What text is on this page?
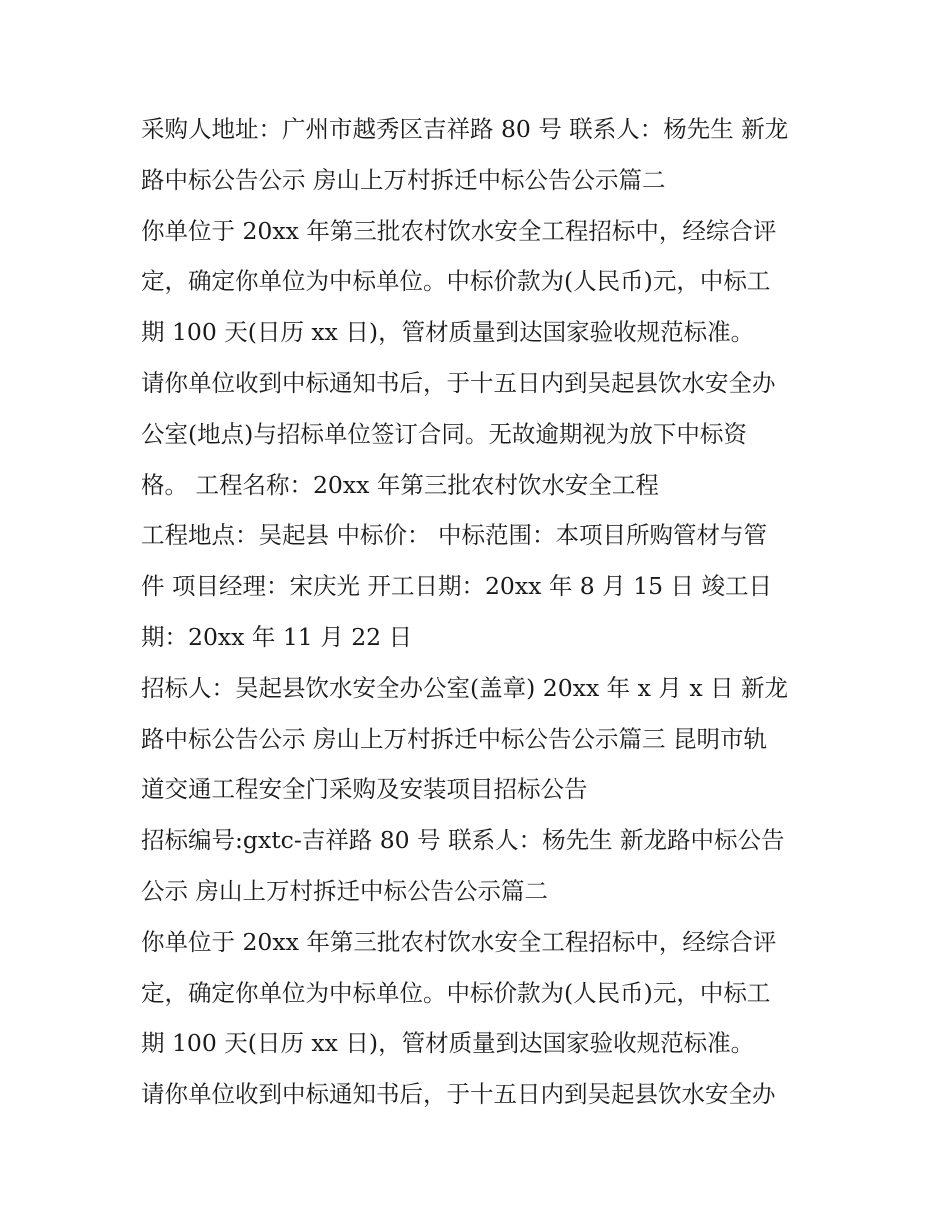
采购人地址：广州市越秀区吉祥路 80 号 联系人：杨先生 新龙
路中标公告公示 房山上万村拆迁中标公告公示篇二
你单位于 20xx 年第三批农村饮水安全工程招标中，经综合评
定，确定你单位为中标单位。中标价款为(人民币)元，中标工
期 100 天(日历 xx 日)，管材质量到达国家验收规范标准。
请你单位收到中标通知书后，于十五日内到吴起县饮水安全办
公室(地点)与招标单位签订合同。无故逾期视为放下中标资
格。 工程名称：20xx 年第三批农村饮水安全工程
工程地点：吴起县 中标价： 中标范围：本项目所购管材与管
件 项目经理：宋庆光 开工日期：20xx 年 8 月 15 日 竣工日
期：20xx 年 11 月 22 日
招标人：吴起县饮水安全办公室(盖章) 20xx 年 x 月 x 日 新龙
路中标公告公示 房山上万村拆迁中标公告公示篇三 昆明市轨
道交通工程安全门采购及安装项目招标公告
招标编号:gxtc-吉祥路 80 号 联系人：杨先生 新龙路中标公告
公示 房山上万村拆迁中标公告公示篇二
你单位于 20xx 年第三批农村饮水安全工程招标中，经综合评
定，确定你单位为中标单位。中标价款为(人民币)元，中标工
期 100 天(日历 xx 日)，管材质量到达国家验收规范标准。
请你单位收到中标通知书后，于十五日内到吴起县饮水安全办
